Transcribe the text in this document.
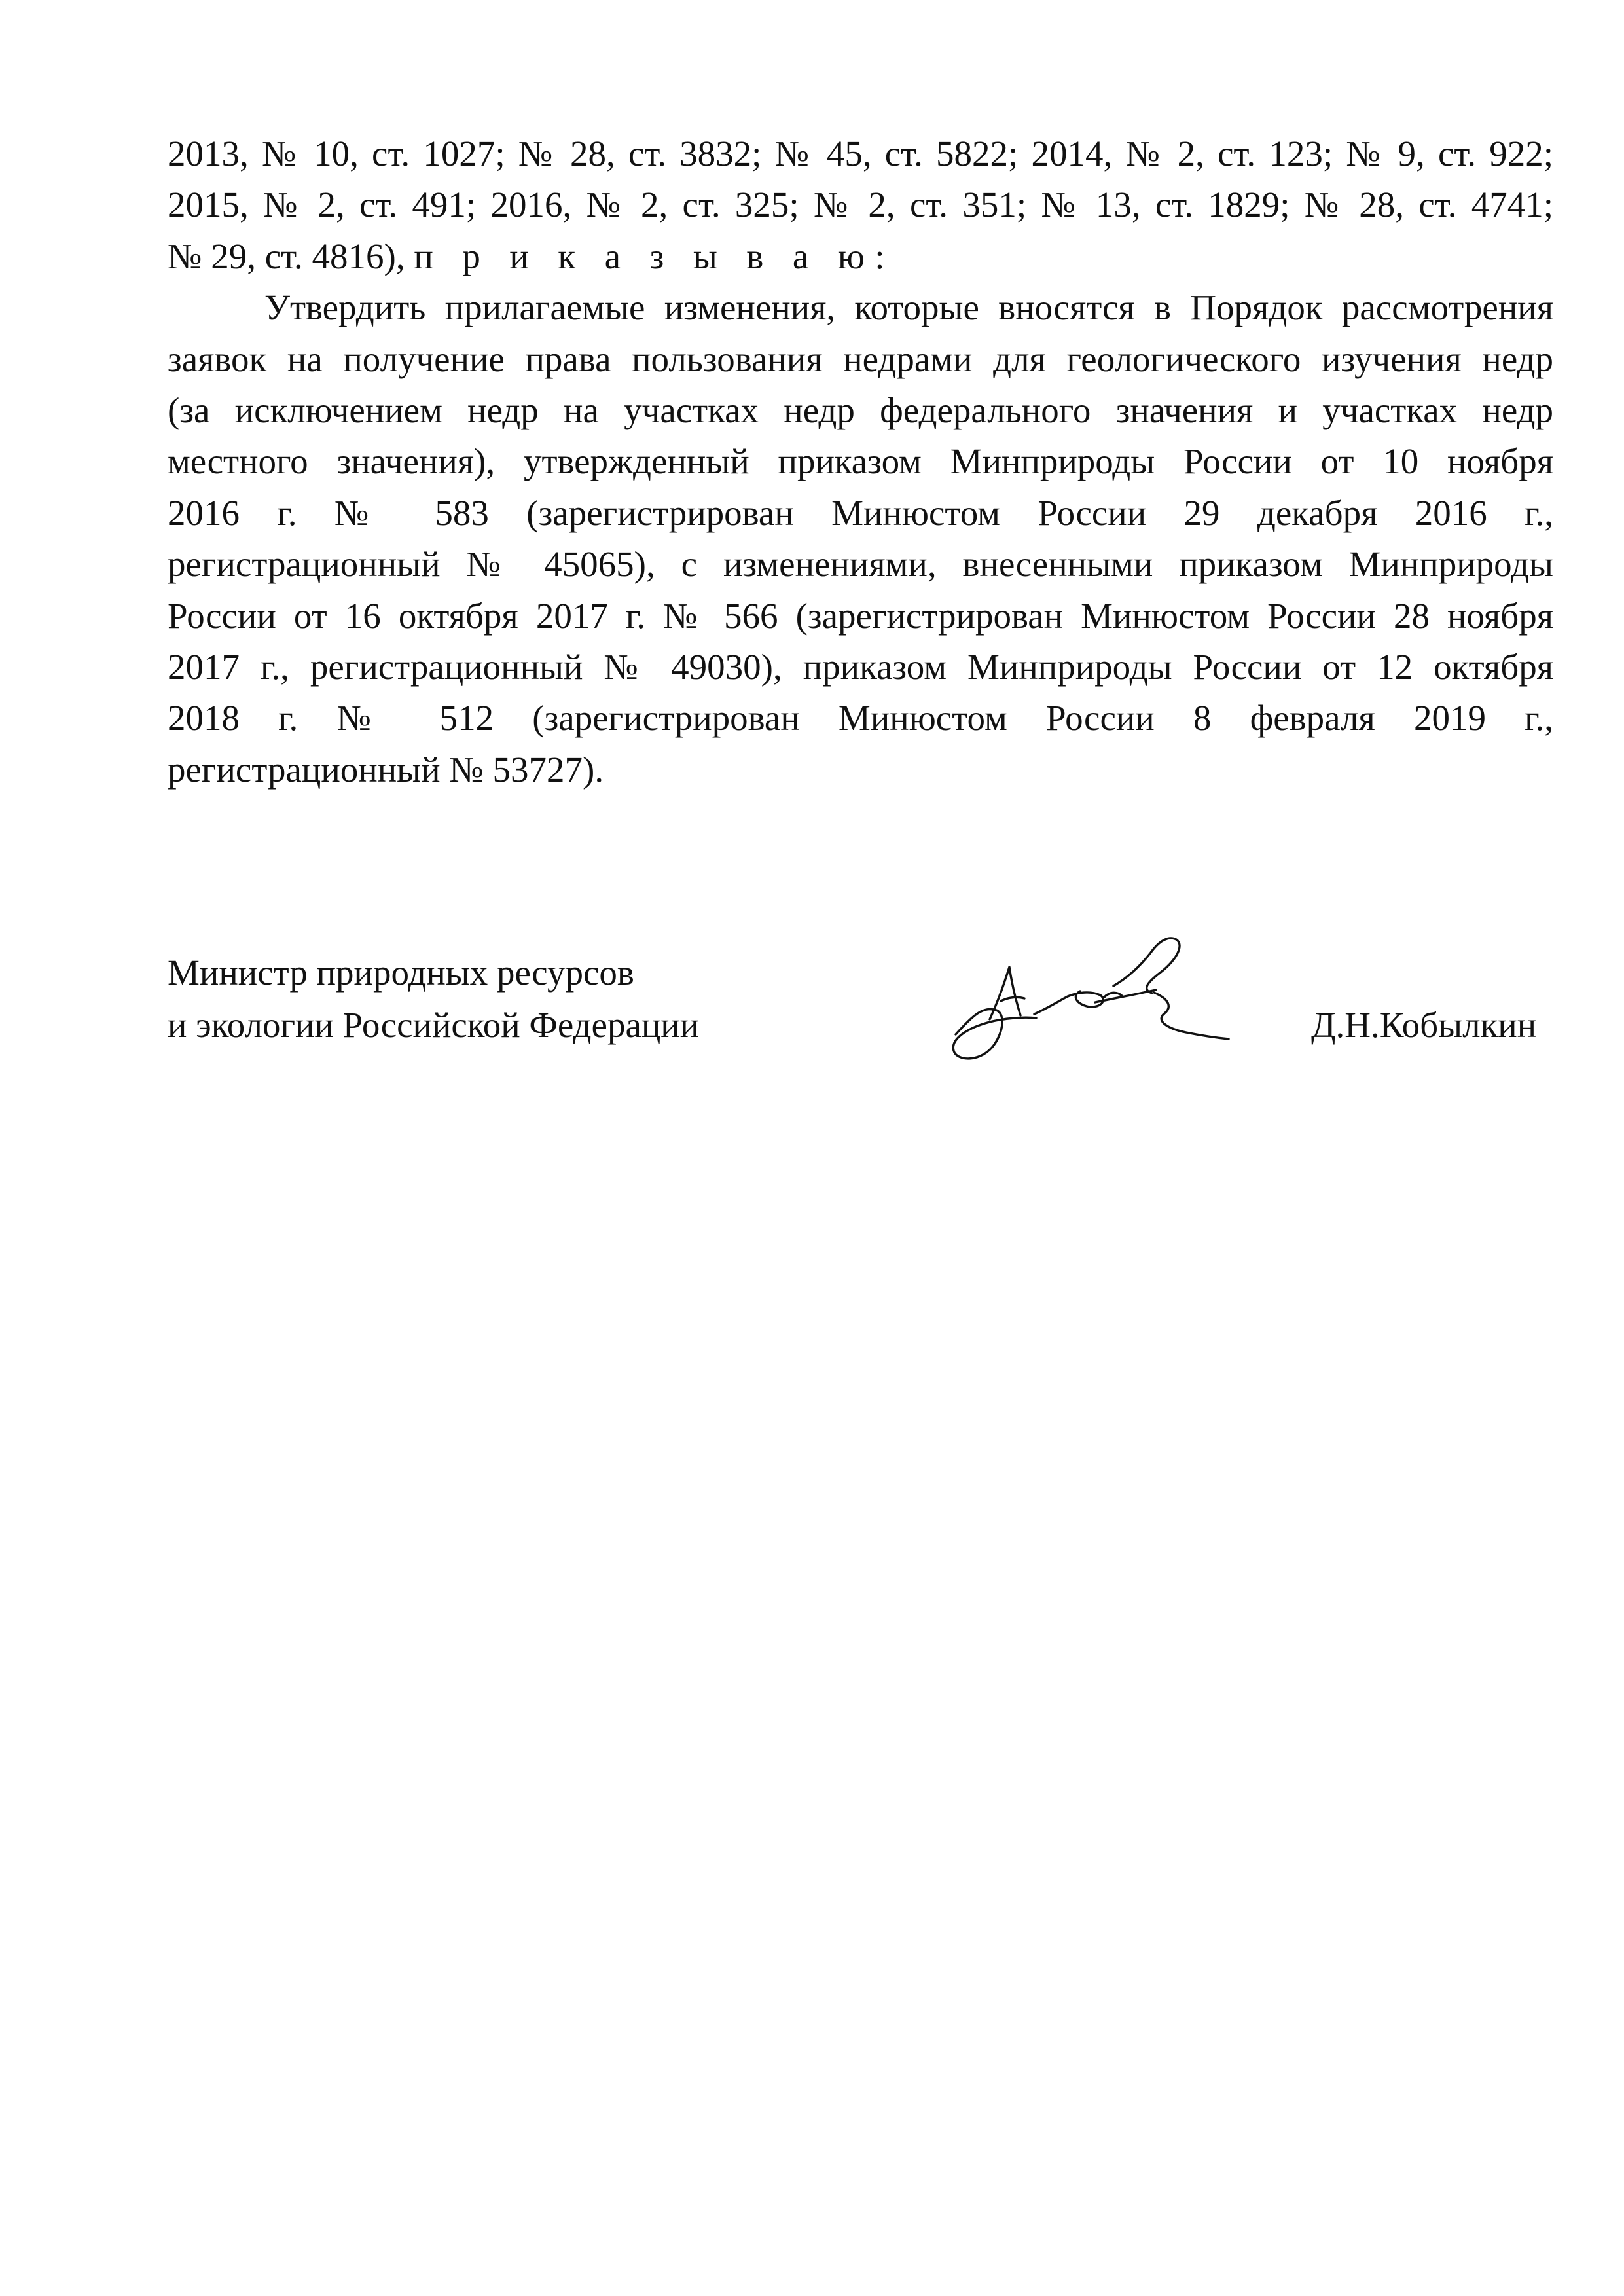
2013, № 10, ст. 1027; № 28, ст. 3832; № 45, ст. 5822; 2014, № 2, ст. 123; № 9, ст. 922;
2015, № 2, ст. 491; 2016, № 2, ст. 325; № 2, ст. 351; № 13, ст. 1829; № 28, ст. 4741;
№ 29, ст. 4816), п р и к а з ы в а ю:
Утвердить прилагаемые изменения, которые вносятся в Порядок рассмотрения
заявок на получение права пользования недрами для геологического изучения недр
(за исключением недр на участках недр федерального значения и участках недр
местного значения), утвержденный приказом Минприроды России от 10 ноября
2016 г. № 583 (зарегистрирован Минюстом России 29 декабря 2016 г.,
регистрационный № 45065), с изменениями, внесенными приказом Минприроды
России от 16 октября 2017 г. № 566 (зарегистрирован Минюстом России 28 ноября
2017 г., регистрационный № 49030), приказом Минприроды России от 12 октября
2018 г. № 512 (зарегистрирован Минюстом России 8 февраля 2019 г.,
регистрационный № 53727).
Министр природных ресурсов
и экологии Российской Федерации	Д.Н.Кобылкин
